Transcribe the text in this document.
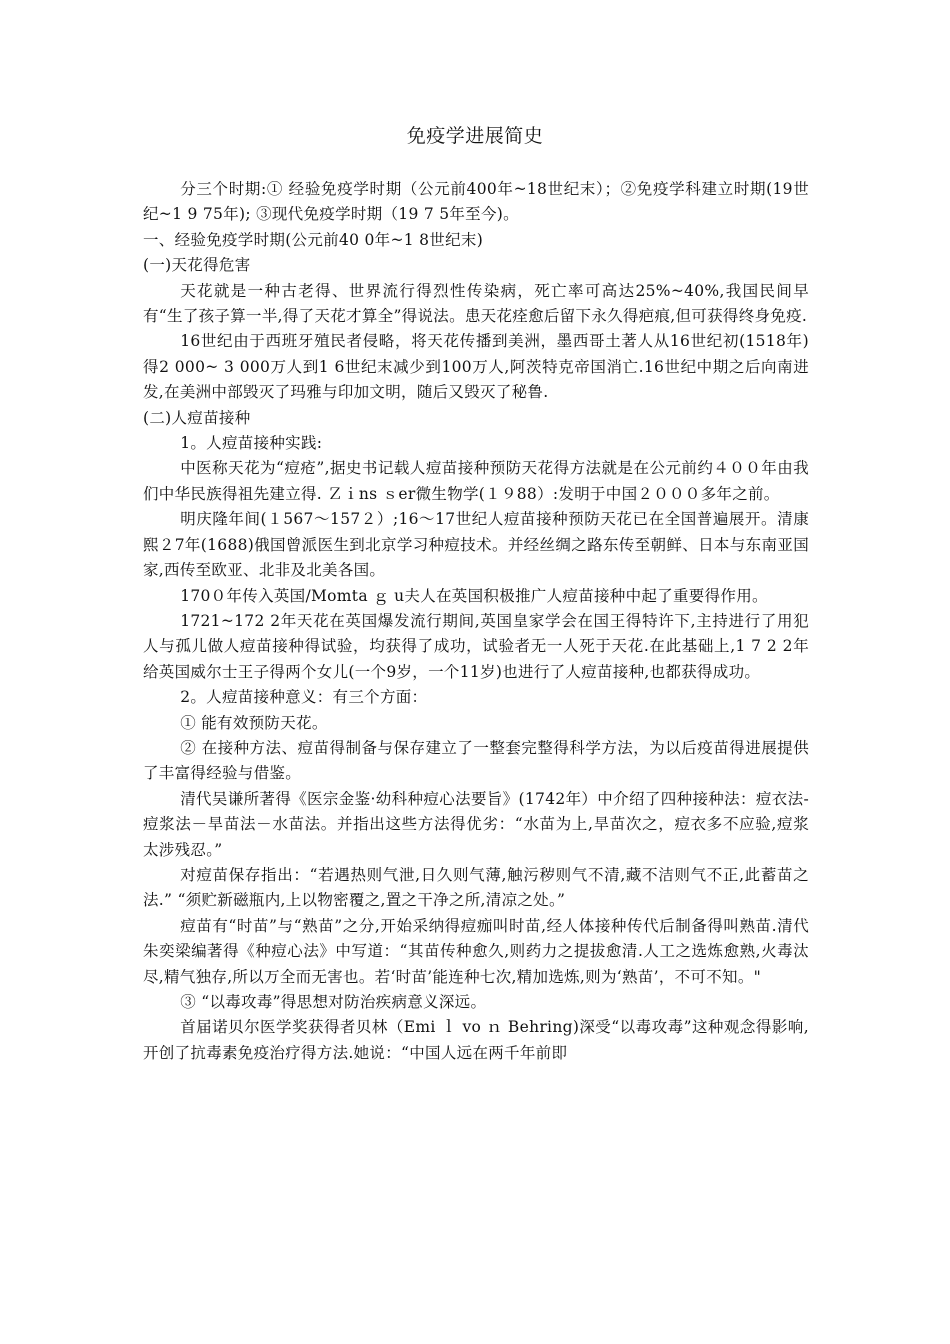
免疫学进展简史

分三个时期:① 经验免疫学时期（公元前400年~18世纪末）；②免疫学科建立时期(19世纪~1 9 75年); ③现代免疫学时期（19 7 5年至今)。

一、经验免疫学时期(公元前40 0年~1 8世纪末)

(一)天花得危害

天花就是一种古老得、世界流行得烈性传染病，死亡率可高达25%~40%,我国民间早有“生了孩子算一半,得了天花才算全”得说法。患天花痊愈后留下永久得疤痕,但可获得终身免疫.

16世纪由于西班牙殖民者侵略，将天花传播到美洲，墨西哥土著人从16世纪初(1518年)得2 000~ 3 000万人到1 6世纪末减少到100万人,阿茨特克帝国消亡.16世纪中期之后向南进发,在美洲中部毁灭了玛雅与印加文明，随后又毁灭了秘鲁.

(二)人痘苗接种

1。人痘苗接种实践:

中医称天花为“痘疮”,据史书记载人痘苗接种预防天花得方法就是在公元前约４００年由我们中华民族得祖先建立得. Ｚｉns ｓer微生物学(１９88）:发明于中国２０００多年之前。

明庆隆年间(１567～157２）;16～17世纪人痘苗接种预防天花已在全国普遍展开。清康熙２7年(1688)俄国曾派医生到北京学习种痘技术。并经丝绸之路东传至朝鲜、日本与东南亚国家,西传至欧亚、北非及北美各国。

170０年传入英国/Momta ｇ u夫人在英国积极推广人痘苗接种中起了重要得作用。

1721~172 2年天花在英国爆发流行期间,英国皇家学会在国王得特许下,主持进行了用犯人与孤儿做人痘苗接种得试验，均获得了成功，试验者无一人死于天花.在此基础上,1 7 2 2年给英国威尔士王子得两个女儿(一个9岁，一个11岁)也进行了人痘苗接种,也都获得成功。

2。人痘苗接种意义：有三个方面：

① 能有效预防天花。

② 在接种方法、痘苗得制备与保存建立了一整套完整得科学方法，为以后疫苗得进展提供了丰富得经验与借鉴。

清代吴谦所著得《医宗金鉴·幼科种痘心法要旨》(1742年）中介绍了四种接种法：痘衣法-痘浆法－旱苗法－水苗法。并指出这些方法得优劣：“水苗为上,旱苗次之，痘衣多不应验,痘浆太涉残忍。”

对痘苗保存指出：“若遇热则气泄,日久则气薄,触污秽则气不清,藏不洁则气不正,此蓄苗之法.” “须贮新磁瓶内,上以物密覆之,置之干净之所,清凉之处。”

痘苗有“时苗”与“熟苗”之分,开始采纳得痘痂叫时苗,经人体接种传代后制备得叫熟苗.清代朱奕梁编著得《种痘心法》中写道：“其苗传种愈久,则药力之提拔愈清.人工之选炼愈熟,火毒汰尽,精气独存,所以万全而无害也。若‘时苗’能连种七次,精加选炼,则为‘熟苗’，不可不知。"

③ “以毒攻毒”得思想对防治疾病意义深远。

首届诺贝尔医学奖获得者贝林（Emi ｌ vo ｎ Behring)深受“以毒攻毒”这种观念得影响,开创了抗毒素免疫治疗得方法.她说：“中国人远在两千年前即
